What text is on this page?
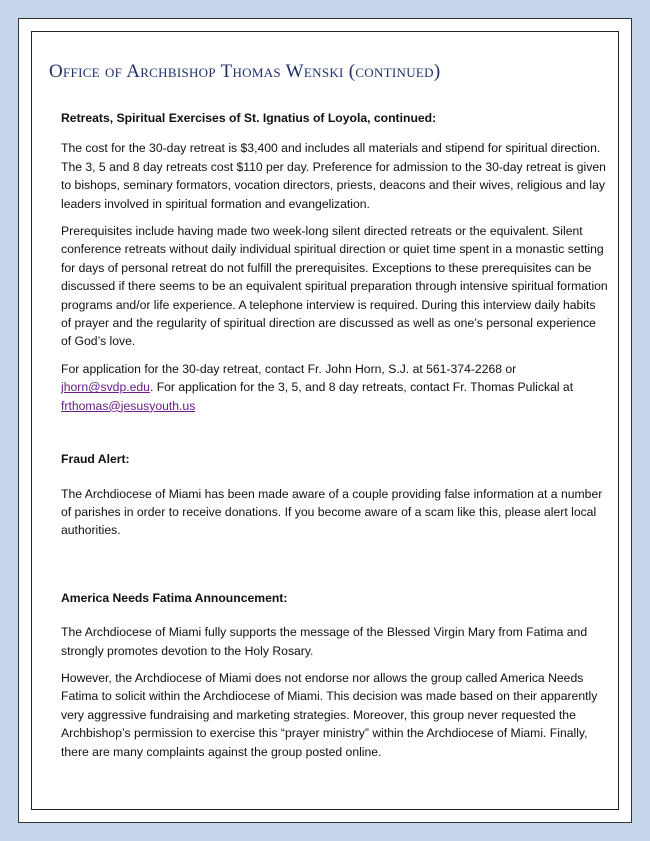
Office of Archbishop Thomas Wenski (continued)

Retreats, Spiritual Exercises of St. Ignatius of Loyola, continued:

The cost for the 30-day retreat is $3,400 and includes all materials and stipend for spiritual direction. The 3, 5 and 8 day retreats cost $110 per day. Preference for admission to the 30-day retreat is given to bishops, seminary formators, vocation directors, priests, deacons and their wives, religious and lay leaders involved in spiritual formation and evangelization.

Prerequisites include having made two week-long silent directed retreats or the equivalent. Silent conference retreats without daily individual spiritual direction or quiet time spent in a monastic setting for days of personal retreat do not fulfill the prerequisites. Exceptions to these prerequisites can be discussed if there seems to be an equivalent spiritual preparation through intensive spiritual formation programs and/or life experience. A telephone interview is required. During this interview daily habits of prayer and the regularity of spiritual direction are discussed as well as one’s personal experience of God’s love.

For application for the 30-day retreat, contact Fr. John Horn, S.J. at 561-374-2268 or jhorn@svdp.edu. For application for the 3, 5, and 8 day retreats, contact Fr. Thomas Pulickal at frthomas@jesusyouth.us

Fraud Alert:

The Archdiocese of Miami has been made aware of a couple providing false information at a number of parishes in order to receive donations. If you become aware of a scam like this, please alert local authorities.

America Needs Fatima Announcement:

The Archdiocese of Miami fully supports the message of the Blessed Virgin Mary from Fatima and strongly promotes devotion to the Holy Rosary.

However, the Archdiocese of Miami does not endorse nor allows the group called America Needs Fatima to solicit within the Archdiocese of Miami. This decision was made based on their apparently very aggressive fundraising and marketing strategies. Moreover, this group never requested the Archbishop’s permission to exercise this “prayer ministry” within the Archdiocese of Miami. Finally, there are many complaints against the group posted online.
